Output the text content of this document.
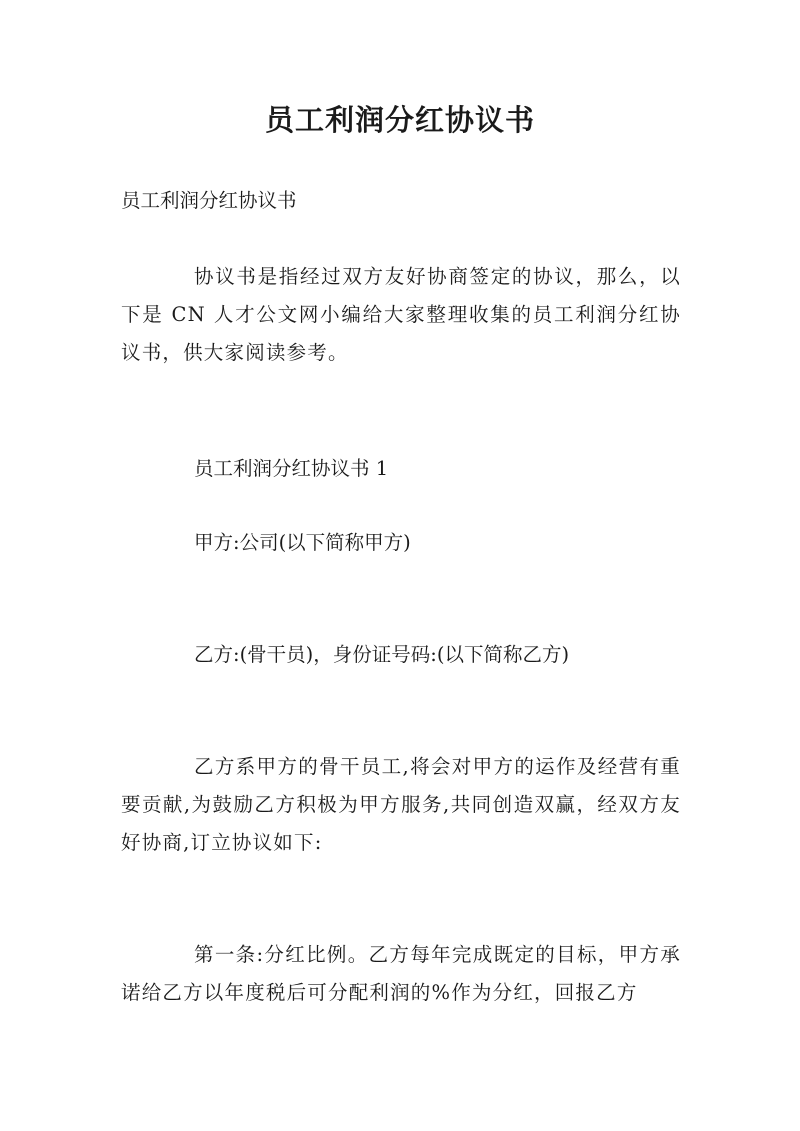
员工利润分红协议书

员工利润分红协议书

协议书是指经过双方友好协商签定的协议，那么，以下是 CN 人才公文网小编给大家整理收集的员工利润分红协议书，供大家阅读参考。

员工利润分红协议书 1

甲方:公司(以下简称甲方)

乙方:(骨干员)，身份证号码:(以下简称乙方)

乙方系甲方的骨干员工,将会对甲方的运作及经营有重要贡献,为鼓励乙方积极为甲方服务,共同创造双赢，经双方友好协商,订立协议如下:

第一条:分红比例。乙方每年完成既定的目标，甲方承诺给乙方以年度税后可分配利润的%作为分红，回报乙方
